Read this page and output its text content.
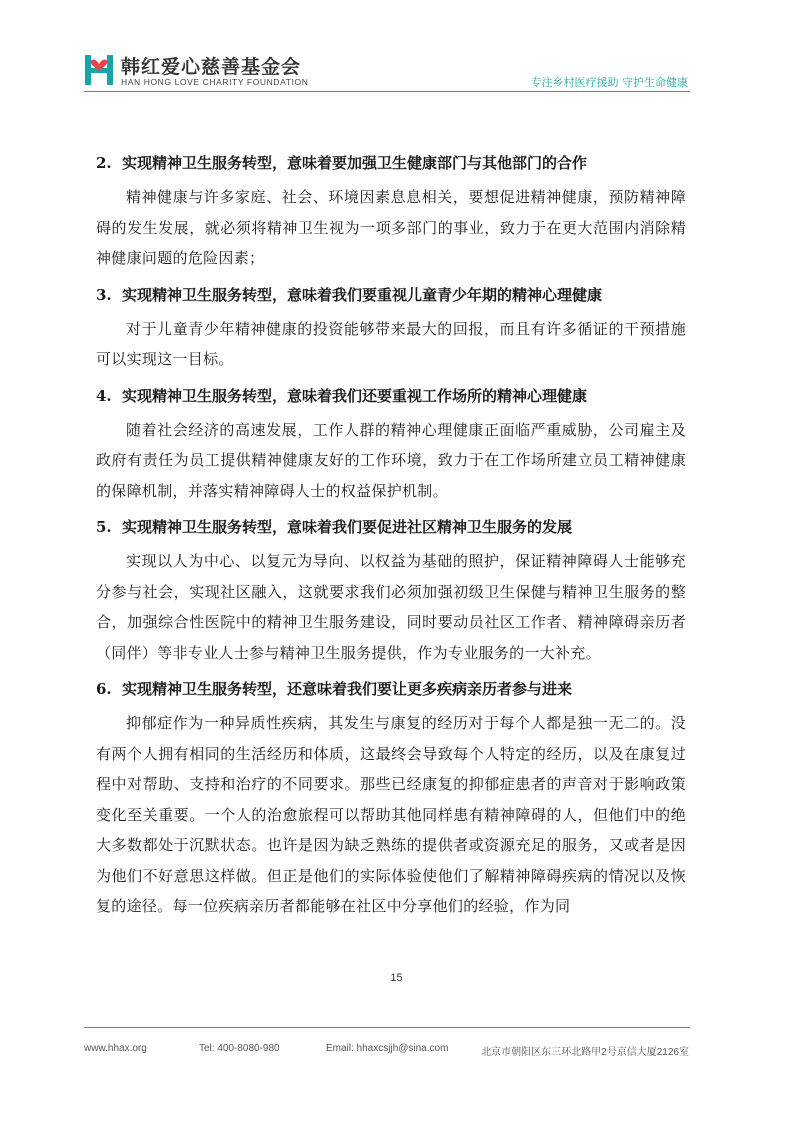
韩红爱心慈善基金会
HAN HONG LOVE CHARITY FOUNDATION	专注乡村医疗援助 守护生命健康
2. 实现精神卫生服务转型，意味着要加强卫生健康部门与其他部门的合作

精神健康与许多家庭、社会、环境因素息息相关，要想促进精神健康，预防精神障碍的发生发展，就必须将精神卫生视为一项多部门的事业，致力于在更大范围内消除精神健康问题的危险因素；

3. 实现精神卫生服务转型，意味着我们要重视儿童青少年期的精神心理健康

对于儿童青少年精神健康的投资能够带来最大的回报，而且有许多循证的干预措施可以实现这一目标。

4. 实现精神卫生服务转型，意味着我们还要重视工作场所的精神心理健康

随着社会经济的高速发展，工作人群的精神心理健康正面临严重威胁，公司雇主及政府有责任为员工提供精神健康友好的工作环境，致力于在工作场所建立员工精神健康的保障机制，并落实精神障碍人士的权益保护机制。

5. 实现精神卫生服务转型，意味着我们要促进社区精神卫生服务的发展

实现以人为中心、以复元为导向、以权益为基础的照护，保证精神障碍人士能够充分参与社会，实现社区融入，这就要求我们必须加强初级卫生保健与精神卫生服务的整合，加强综合性医院中的精神卫生服务建设，同时要动员社区工作者、精神障碍亲历者（同伴）等非专业人士参与精神卫生服务提供，作为专业服务的一大补充。

6. 实现精神卫生服务转型，还意味着我们要让更多疾病亲历者参与进来

抑郁症作为一种异质性疾病，其发生与康复的经历对于每个人都是独一无二的。没有两个人拥有相同的生活经历和体质，这最终会导致每个人特定的经历，以及在康复过程中对帮助、支持和治疗的不同要求。那些已经康复的抑郁症患者的声音对于影响政策变化至关重要。一个人的治愈旅程可以帮助其他同样患有精神障碍的人，但他们中的绝大多数都处于沉默状态。也许是因为缺乏熟练的提供者或资源充足的服务，又或者是因为他们不好意思这样做。但正是他们的实际体验使他们了解精神障碍疾病的情况以及恢复的途径。每一位疾病亲历者都能够在社区中分享他们的经验，作为同

15
www.hhax.org	Tel: 400-8080-980	Email: hhaxcsjjh@sina.com	北京市朝阳区东三环北路甲2号京信大厦2126室
